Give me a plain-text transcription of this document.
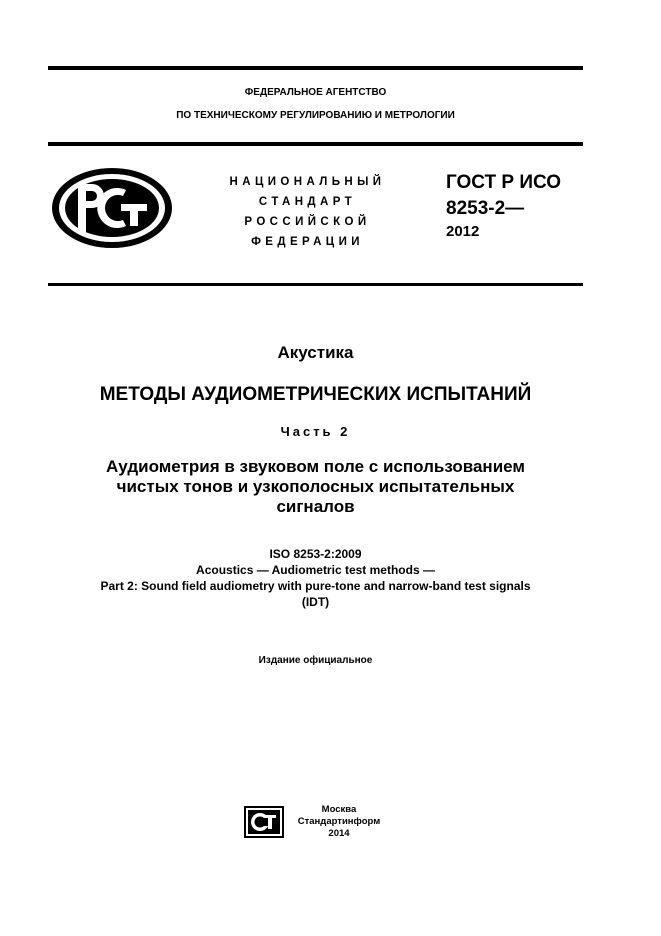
ФЕДЕРАЛЬНОЕ АГЕНТСТВО
ПО ТЕХНИЧЕСКОМУ РЕГУЛИРОВАНИЮ И МЕТРОЛОГИИ
НАЦИОНАЛЬНЫЙ
СТАНДАРТ
РОССИЙСКОЙ
ФЕДЕРАЦИИ
ГОСТ Р ИСО
8253-2—
2012
Акустика
МЕТОДЫ АУДИОМЕТРИЧЕСКИХ ИСПЫТАНИЙ
Часть 2
Аудиометрия в звуковом поле с использованием
чистых тонов и узкополосных испытательных
сигналов
ISO 8253-2:2009
Acoustics — Audiometric test methods —
Part 2: Sound field audiometry with pure-tone and narrow-band test signals
(IDT)
Издание официальное
Москва
Стандартинформ
2014
